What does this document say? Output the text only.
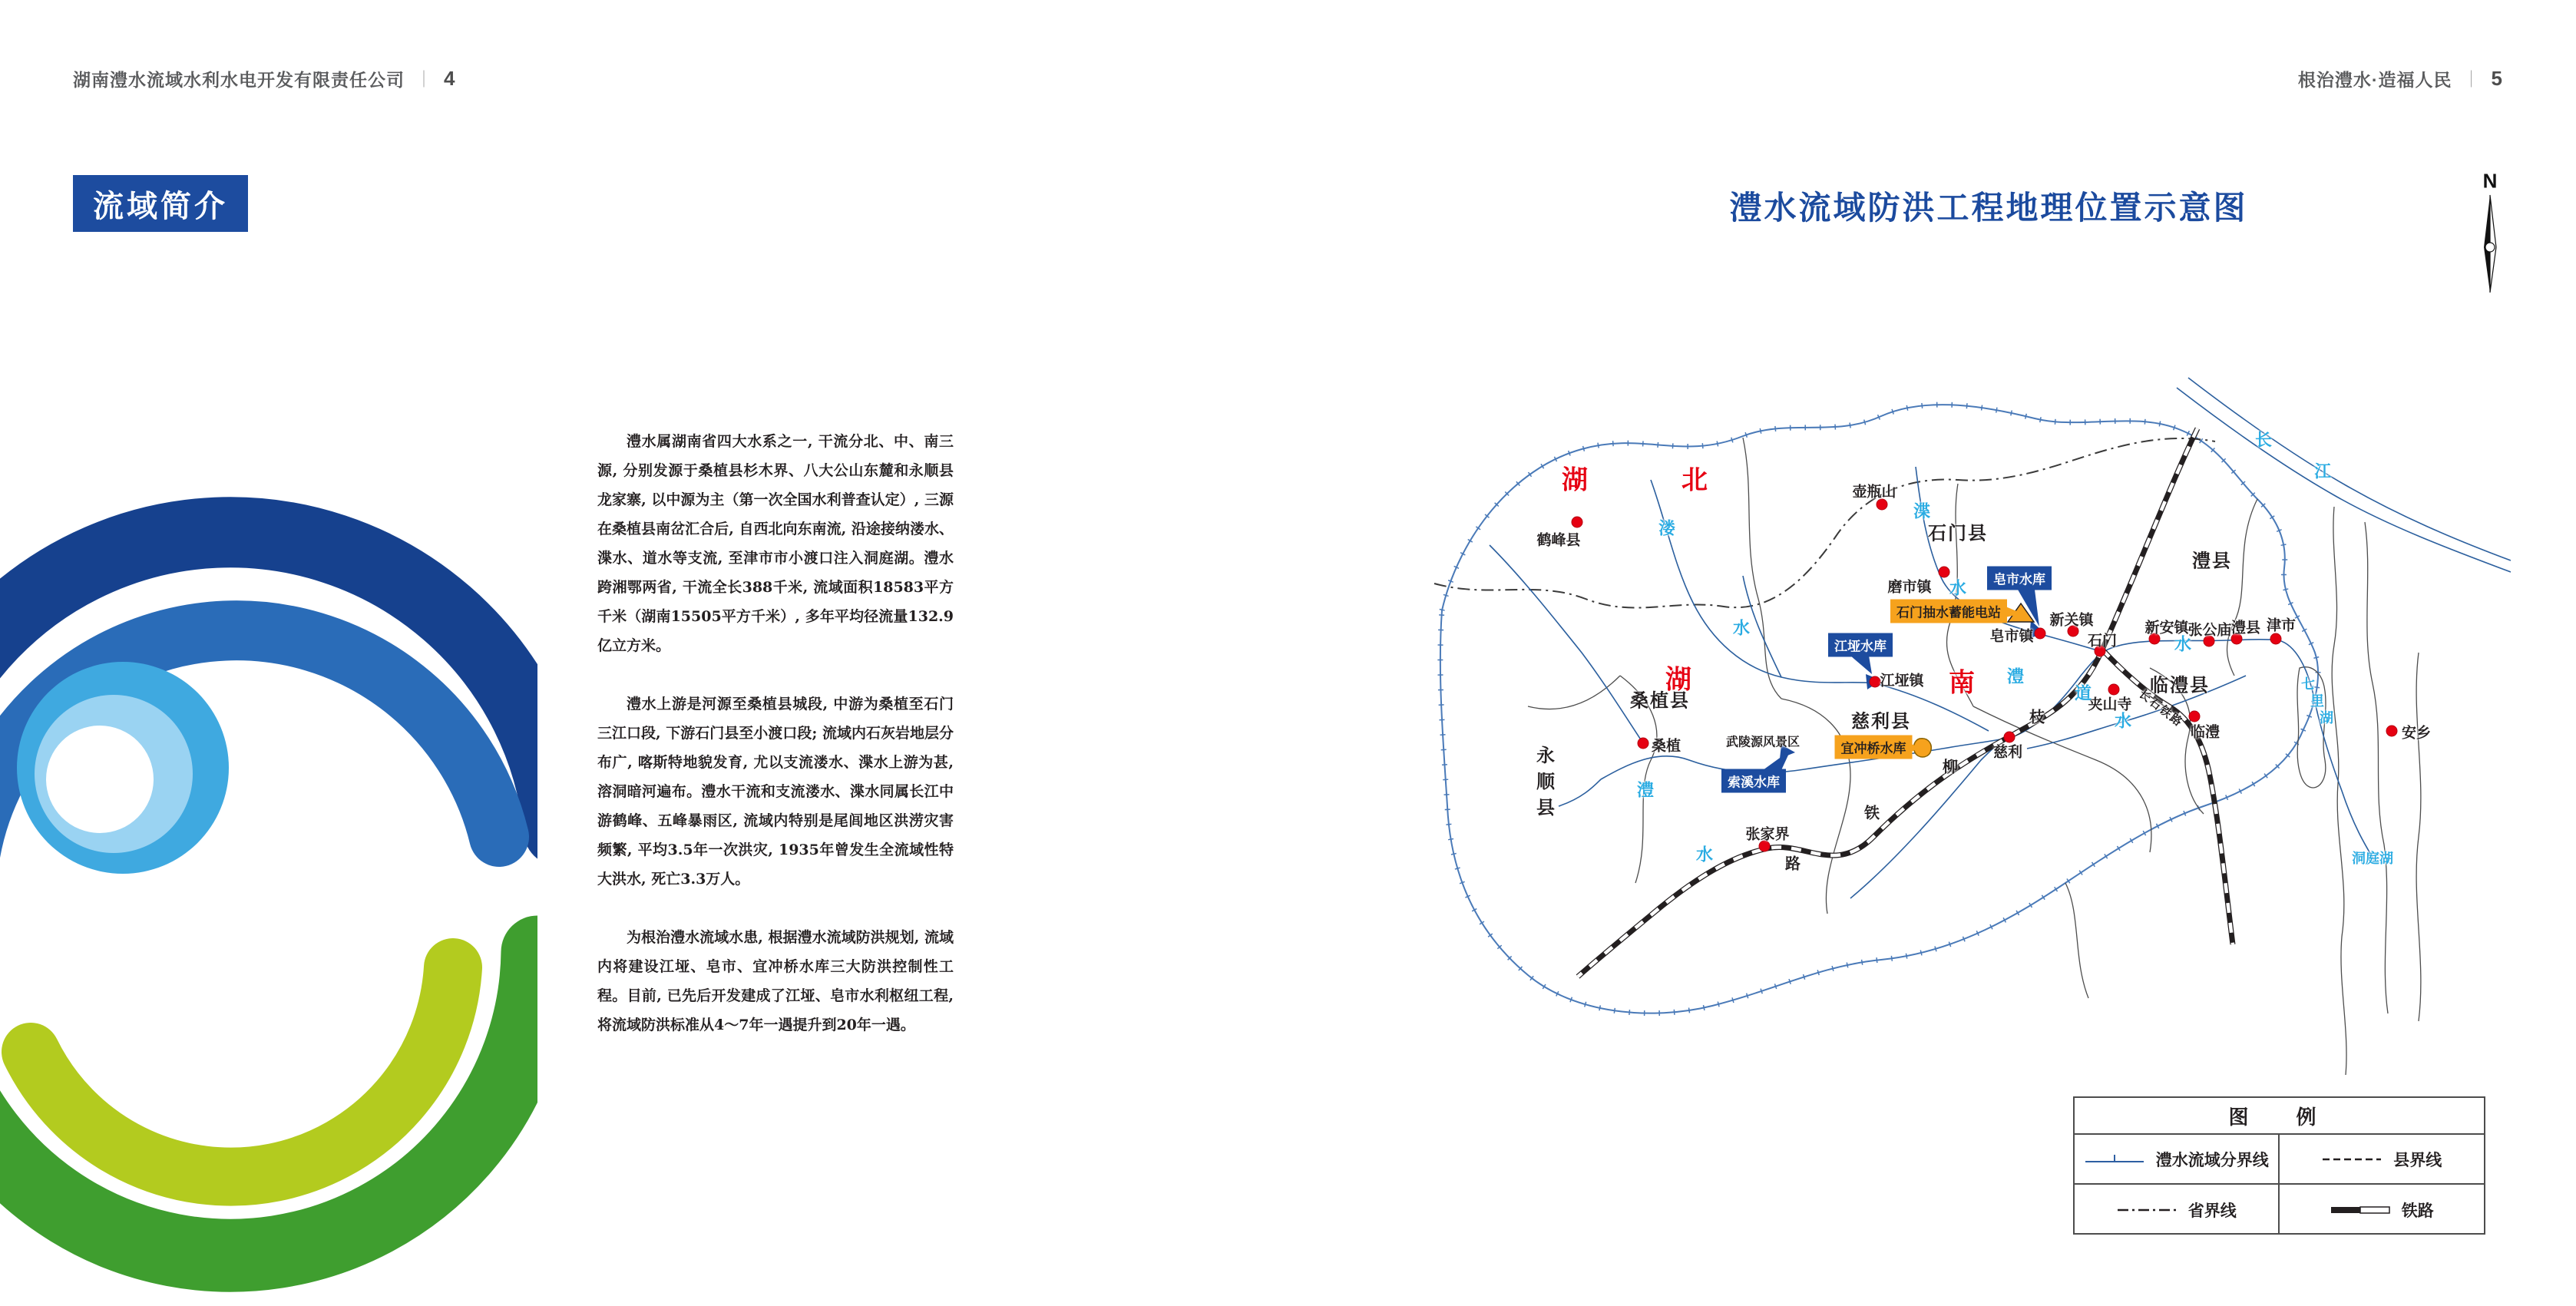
湖南澧水流域水利水电开发有限责任公司 ｜ 4	根治澧水·造福人民 ｜ 5
流域简介

澧水属湖南省四大水系之一, 干流分北、中、南三源, 分别发源于桑植县杉木界、八大公山东麓和永顺县龙家寨, 以中源为主（第一次全国水利普查认定）, 三源在桑植县南岔汇合后, 自西北向东南流, 沿途接纳溇水、渫水、道水等支流, 至津市市小渡口注入洞庭湖。澧水跨湘鄂两省, 干流全长388千米, 流域面积18583平方千米（湖南15505平方千米）, 多年平均径流量132.9亿立方米。

澧水上游是河源至桑植县城段, 中游为桑植至石门三江口段, 下游石门县至小渡口段; 流域内石灰岩地层分布广, 喀斯特地貌发育, 尤以支流溇水、渫水上游为甚, 溶洞暗河遍布。澧水干流和支流溇水、渫水同属长江中游鹤峰、五峰暴雨区, 流域内特别是尾闾地区洪涝灾害频繁, 平均3.5年一次洪灾, 1935年曾发生全流域性特大洪水, 死亡3.3万人。

为根治澧水流域水患, 根据澧水流域防洪规划, 流域内将建设江垭、皂市、宜冲桥水库三大防洪控制性工程。目前, 已先后开发建成了江垭、皂市水利枢纽工程, 将流域防洪标准从4～7年一遇提升到20年一遇。

澧水流域防洪工程地理位置示意图
N
湖	北
湖	南
石门县
澧县
临澧县
慈利县
桑植县
永顺县
武陵源风景区
鹤峰县
壶瓶山
磨市镇
皂市镇
新关镇
石门
新安镇
张公庙 澧县 津市
夹山寺
临澧	安乡
慈利
江垭镇
桑植
张家界
溇
水
渫
水
澧
水
澧
水
道
水
长
江
七
里
湖
洞庭湖
皂市水库
江垭水库
索溪水库
石门抽水蓄能电站
宜冲桥水库
枝
柳
铁
路
长石铁路
图　例
澧水流域分界线	县界线
省界线	铁路
